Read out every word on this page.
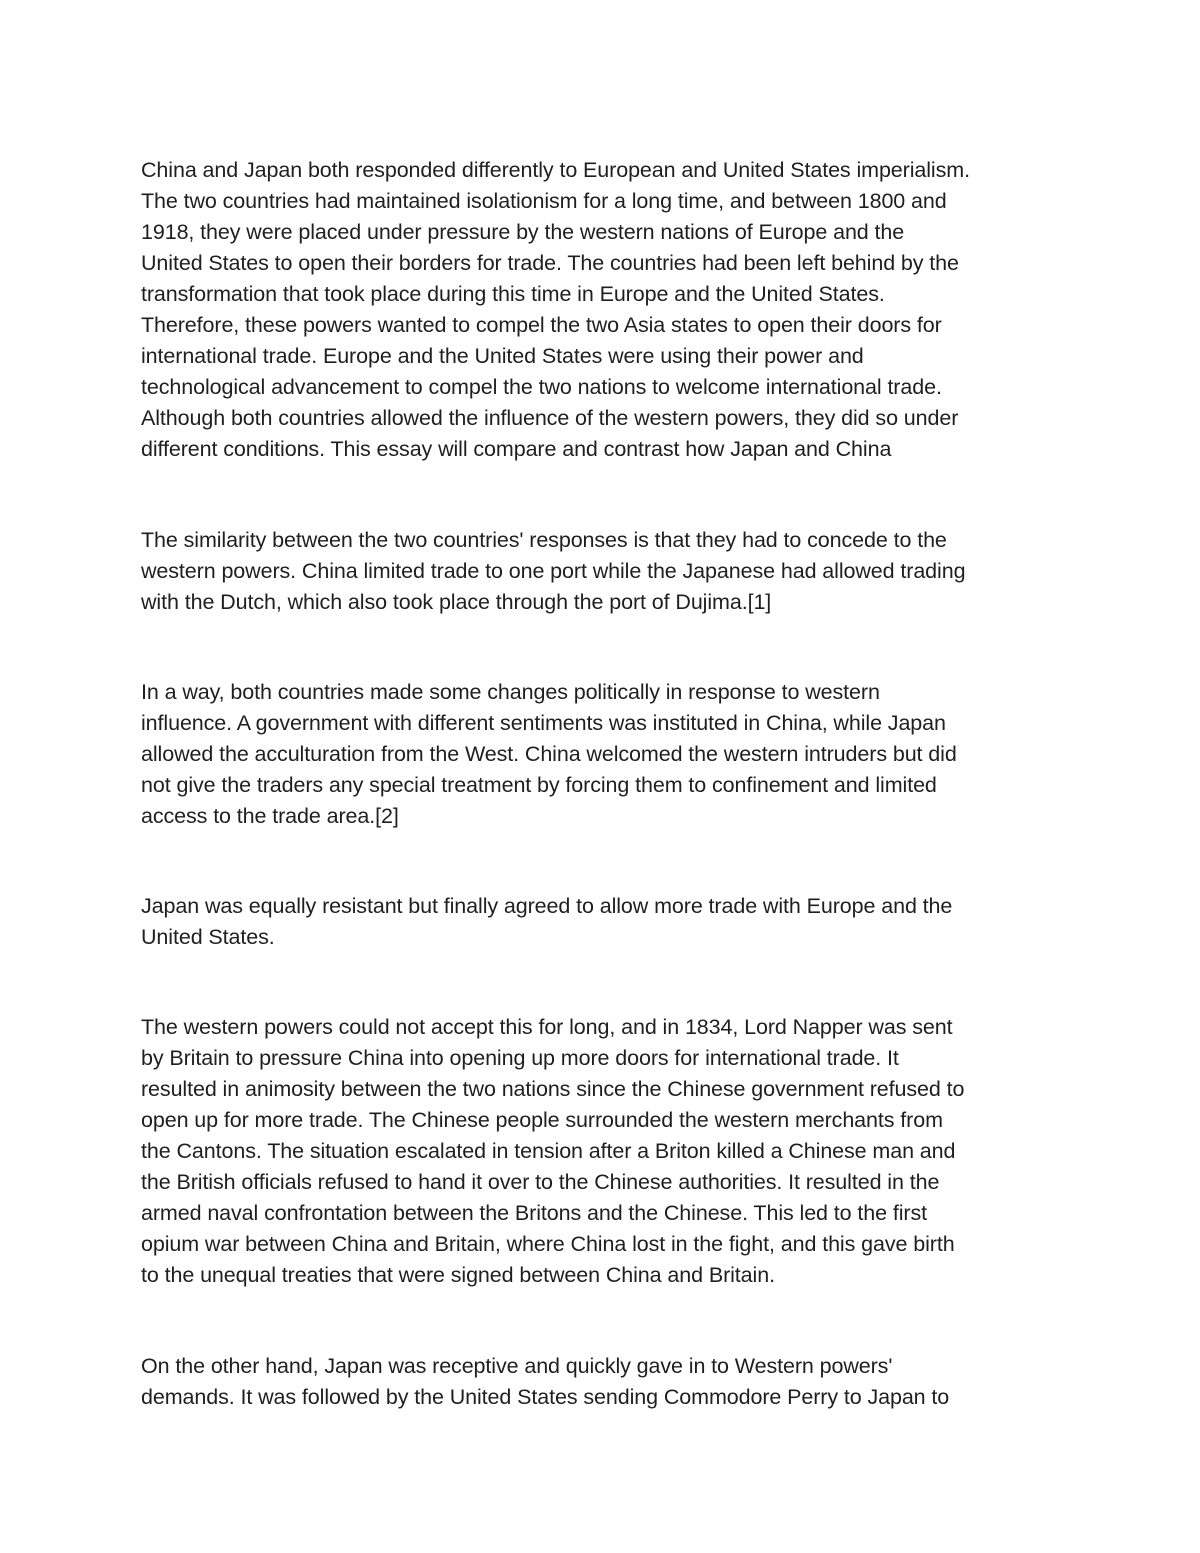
China and Japan both responded differently to European and United States imperialism.
The two countries had maintained isolationism for a long time, and between 1800 and
1918, they were placed under pressure by the western nations of Europe and the
United States to open their borders for trade. The countries had been left behind by the
transformation that took place during this time in Europe and the United States.
Therefore, these powers wanted to compel the two Asia states to open their doors for
international trade. Europe and the United States were using their power and
technological advancement to compel the two nations to welcome international trade.
Although both countries allowed the influence of the western powers, they did so under
different conditions. This essay will compare and contrast how Japan and China

The similarity between the two countries' responses is that they had to concede to the
western powers. China limited trade to one port while the Japanese had allowed trading
with the Dutch, which also took place through the port of Dujima.[1]

In a way, both countries made some changes politically in response to western
influence. A government with different sentiments was instituted in China, while Japan
allowed the acculturation from the West. China welcomed the western intruders but did
not give the traders any special treatment by forcing them to confinement and limited
access to the trade area.[2]

Japan was equally resistant but finally agreed to allow more trade with Europe and the
United States.

The western powers could not accept this for long, and in 1834, Lord Napper was sent
by Britain to pressure China into opening up more doors for international trade. It
resulted in animosity between the two nations since the Chinese government refused to
open up for more trade. The Chinese people surrounded the western merchants from
the Cantons. The situation escalated in tension after a Briton killed a Chinese man and
the British officials refused to hand it over to the Chinese authorities. It resulted in the
armed naval confrontation between the Britons and the Chinese. This led to the first
opium war between China and Britain, where China lost in the fight, and this gave birth
to the unequal treaties that were signed between China and Britain.

On the other hand, Japan was receptive and quickly gave in to Western powers'
demands. It was followed by the United States sending Commodore Perry to Japan to
